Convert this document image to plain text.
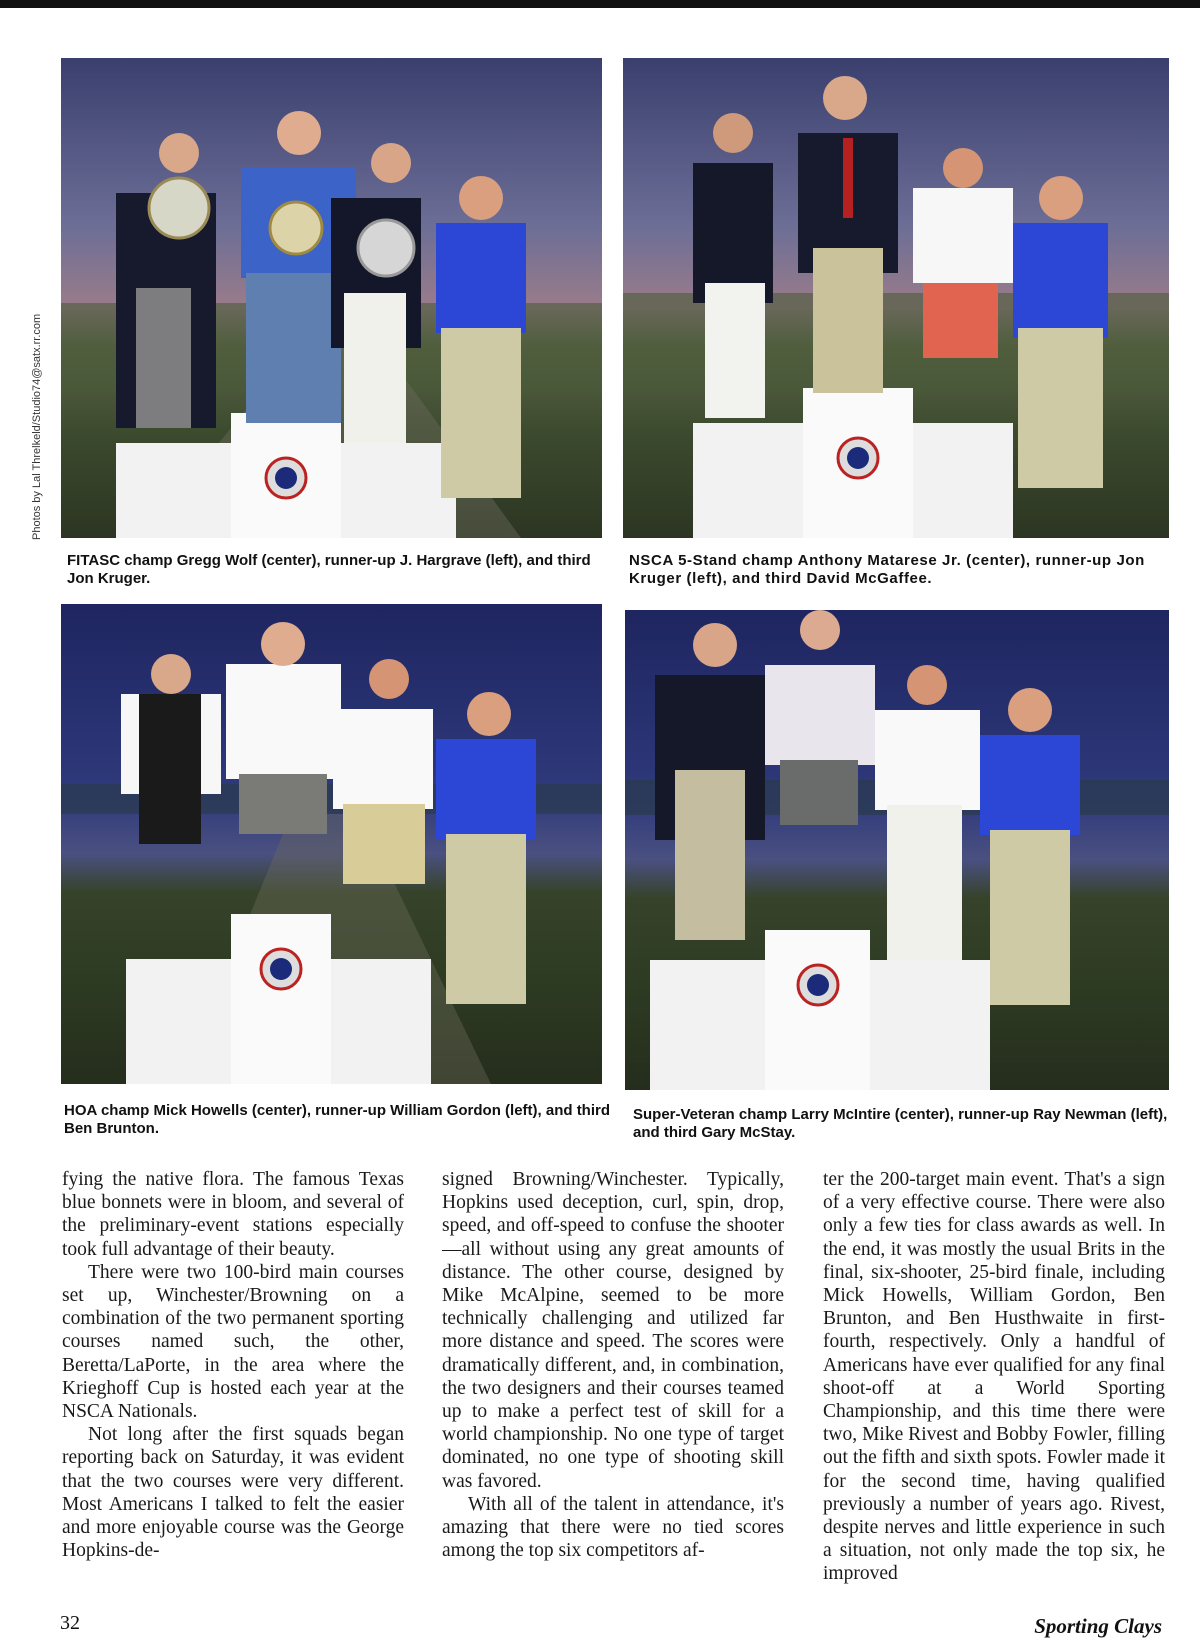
Photos by Lal Threlkeld/Studio74@satx.rr.com

FITASC champ Gregg Wolf (center), runner-up J. Hargrave (left), and third Jon Kruger.

NSCA 5-Stand champ Anthony Matarese Jr. (center), runner-up Jon Kruger (left), and third David McGaffee.

HOA champ Mick Howells (center), runner-up William Gordon (left), and third Ben Brunton.

Super-Veteran champ Larry McIntire (center), runner-up Ray Newman (left), and third Gary McStay.

fying the native flora. The famous Texas blue bonnets were in bloom, and several of the preliminary-event stations especially took full advantage of their beauty.

There were two 100-bird main courses set up, Winchester/Browning on a combination of the two permanent sporting courses named such, the other, Beretta/LaPorte, in the area where the Krieghoff Cup is hosted each year at the NSCA Nationals.

Not long after the first squads began reporting back on Saturday, it was evident that the two courses were very different. Most Americans I talked to felt the easier and more enjoyable course was the George Hopkins-de-

signed Browning/Winchester. Typically, Hopkins used deception, curl, spin, drop, speed, and off-speed to confuse the shooter—all without using any great amounts of distance. The other course, designed by Mike McAlpine, seemed to be more technically challenging and utilized far more distance and speed. The scores were dramatically different, and, in combination, the two designers and their courses teamed up to make a perfect test of skill for a world championship. No one type of target dominated, no one type of shooting skill was favored.

With all of the talent in attendance, it's amazing that there were no tied scores among the top six competitors af-

ter the 200-target main event. That's a sign of a very effective course. There were also only a few ties for class awards as well. In the end, it was mostly the usual Brits in the final, six-shooter, 25-bird finale, including Mick Howells, William Gordon, Ben Brunton, and Ben Husthwaite in first-fourth, respectively. Only a handful of Americans have ever qualified for any final shoot-off at a World Sporting Championship, and this time there were two, Mike Rivest and Bobby Fowler, filling out the fifth and sixth spots. Fowler made it for the second time, having qualified previously a number of years ago. Rivest, despite nerves and little experience in such a situation, not only made the top six, he improved

32	Sporting Clays
